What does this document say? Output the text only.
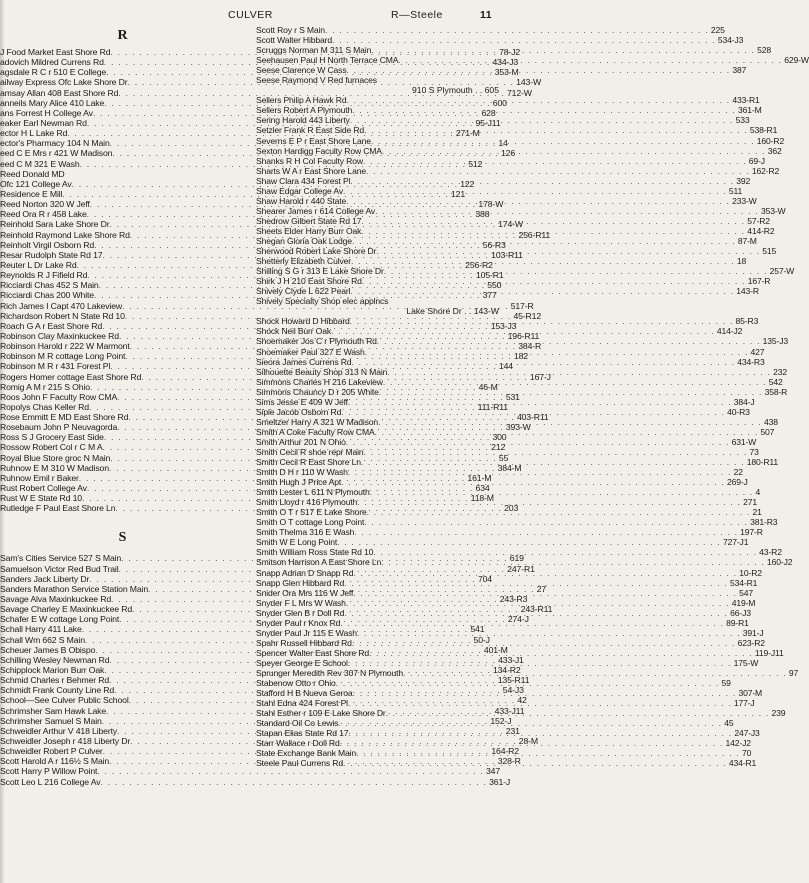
CULVER	R—Steele	11
R
J Food Market East Shore Rd . . .	78-J2
adovich Mildred Currens Rd . . .	434-J3
agsdale R C r 510 E College . . .	353-M
ailway Express Ofc Lake Shore Dr . . .	143-W
amsay Allan 408 East Shore Rd . . .	712-W
anneils Mary Alice 410 Lake . . .	600
ans Forrest H College Av . . .	628
eaker Earl Newman Rd . . .	95-J11
ector H L Lake Rd . . .	271-M
ector's Pharmacy 104 N Main . . .	14
eed C E Mrs r 421 W Madison . . .	126
eed C M 321 E Wash . . .	512
Reed Donald MD
Ofc 121 College Av . . .	122
Residence E Mill . . .	121
Reed Norton 320 W Jeff . . .	178-W
Reed Ora R r 458 Lake . . .	388
Reinhold Sara Lake Shore Dr . . .	174-W
Reinhold Raymond Lake Shore Rd . . .	256-R11
Reinholt Virgil Osborn Rd . . .	56-R3
Resar Rudolph State Rd 17 . . .	103-R11
Reuter L Dr Lake Rd . . .	256-R2
Reynolds R J Fifield Rd . . .	105-R1
Ricciardi Chas 452 S Main . . .	550
Ricciardi Chas 200 White . . .	377
Rich James I Capt 470 Lakeview . . .	517-R
Richardson Robert N State Rd 10 . . .	45-R12
Roach G A r East Shore Rd . . .	153-J3
Robinson Clay Maxinkuckee Rd . . .	196-R11
Robinson Harold r 222 W Marmont . . .	384-R
Robinson M R cottage Long Point . . .	182
Robinson M R r 431 Forest Pl . . .	144
Rogers Homer cottage East Shore Rd . . .	167-J
Romig A M r 215 S Ohio . . .	46-M
Roos John F Faculty Row CMA . . .	531
Ropolys Chas Keller Rd . . .	111-R11
Rose Emmitt E MD East Shore Rd . . .	403-R11
Rosebaum John P Neuvagorda . . .	393-W
Ross S J Grocery East Side . . .	300
Rossow Robert Col r C M A . . .	212
Royal Blue Store groc N Main . . .	55
Ruhnow E M 310 W Madison . . .	384-M
Ruhnow Emil r Baker . . .	161-M
Rust Robert College Av . . .	634
Rust W E State Rd 10 . . .	118-M
Rutledge F Paul East Shore Ln . . .	203
S
Sam's Cities Service 527 S Main . . .	619
Samuelson Victor Red Bud Trail . . .	247-R1
Sanders Jack Liberty Dr . . .	704
Sanders Marathon Service Station Main . . .	27
Savage Alva Maxinkuckee Rd . . .	243-R3
Savage Charley E Maxinkuckee Rd . . .	243-R11
Schafer E W cottage Long Point . . .	274-J
Schall Harry 411 Lake . . .	541
Schall Wm 662 S Main . . .	50-J
Scheuer James B Obispo . . .	401-M
Schilling Wesley Newman Rd . . .	433-J1
Schipplock Marion Burr Oak . . .	134-R2
Schmid Charles r Behmer Rd . . .	135-R11
Schmidt Frank County Line Rd . . .	54-J3
School—See Culver Public School . . .	42
Schrimsher Sam Hawk Lake . . .	433-J11
Schrimsher Samuel S Main . . .	152-J
Schweidler Arthur V 418 Liberty . . .	231
Schweidler Joseph r 418 Liberty Dr . . .	28-M
Schweidler Robert P Culver . . .	164-R2
Scott Harold A r 116½ S Main . . .	328-R
Scott Harry P Willow Point . . .	347
Scott Leo L 216 College Av . . .	361-J
Scott Roy r S Main . . .	225
Scott Walter Hibbard . . .	534-J3
Scruggs Norman M 311 S Main . . .	528
Seehausen Paul H North Terrace CMA . . .	629-W
Seese Clarence W Cass . . .	387
Seese Raymond V Red furnaces
910 S Plymouth . . 605
Sellers Philip A Hawk Rd . . .	433-R1
Sellers Robert A Plymouth . . .	361-M
Sering Harold 443 Liberty . . .	533
Setzler Frank R East Side Rd . . .	538-R1
Severns E P r East Shore Lane . . .	160-R2
Sexton Hardigg Faculty Row CMA . . .	362
Shanks R H Col Faculty Row . . .	69-J
Sharts W A r East Shore Lane . . .	162-R2
Shaw Clara 434 Forest Pl . . .	392
Shaw Edgar College Av . . .	511
Shaw Harold r 440 State . . .	233-W
Shearer James r 614 College Av . . .	353-W
Shedrow Gilbert State Rd 17 . . .	57-R2
Sheets Elder Harry Burr Oak . . .	414-R2
Shegan Gloria Oak Lodge . . .	87-M
Sherwood Robert Lake Shore Dr . . .	515
Shetterly Elizabeth Culver . . .	18
Shilling S G r 313 E Lake Shore Dr . . .	257-W
Shirk J H 210 East Shore Rd . . .	167-R
Shively Clyde L 622 Pearl . . .	143-R
Shively Specialty Shop elec applncs
Lake Shore Dr . . 143-W
Shock Howard D Hibbard . . .	85-R3
Shock Neil Burr Oak . . .	414-J2
Shoemaker Jos C r Plymouth Rd . . .	135-J3
Shoemaker Paul 327 E Wash . . .	427
Sieora James Currens Rd . . .	434-R3
Silhouette Beauty Shop 313 N Main . . .	232
Simmons Charles H 216 Lakeview . . .	542
Simmons Chauncy D r 205 White . . .	358-R
Sims Jesse E 409 W Jeff . . .	384-J
Siple Jacob Osborn Rd . . .	40-R3
Smeltzer Harry A 321 W Madison . . .	438
Smith A Coke Faculty Row CMA . . .	507
Smith Arthur 201 N Ohio . . .	631-W
Smith Cecil R shoe repr Main . . .	73
Smith Cecil R East Shore Ln . . .	180-R11
Smith D H r 110 W Wash . . .	22
Smith Hugh J Price Apt . . .	269-J
Smith Lester L 611 N Plymouth . . .	4
Smith Lloyd r 416 Plymouth . . .	271
Smith O T r 517 E Lake Shore . . .	21
Smith O T cottage Long Point . . .	381-R3
Smith Thelma 316 E Wash . . .	197-R
Smith W E Long Point . . .	727-J1
Smith William Ross State Rd 10 . . .	43-R2
Smitson Harrison A East Shore Ln . . .	160-J2
Snapp Adrian D Snapp Rd . . .	10-R2
Snapp Glen Hibbard Rd . . .	534-R1
Snider Ora Mrs 116 W Jeff . . .	547
Snyder F L Mrs W Wash . . .	419-M
Snyder Glen B r Doll Rd . . .	66-J3
Snyder Paul r Knox Rd . . .	89-R1
Snyder Paul Jr 115 E Wash . . .	391-J
Spahr Russell Hibbard Rd . . .	623-R2
Spencer Walter East Shore Rd . . .	119-J11
Speyer George E School . . .	175-W
Sprunger Meredith Rev 307 N Plymouth . . .	97
Stabenow Otto r Ohio . . .	59
Stafford H B Nueva Geroa . . .	307-M
Stahl Edna 424 Forest Pl . . .	177-J
Stahl Esther r 109 E Lake Shore Dr . . .	239
Standard Oil Co Lewis . . .	45
Stapan Elias State Rd 17 . . .	247-J3
Starr Wallace r Doll Rd . . .	142-J2
State Exchange Bank Main . . .	70
Steele Paul Currens Rd . . .	434-R1
